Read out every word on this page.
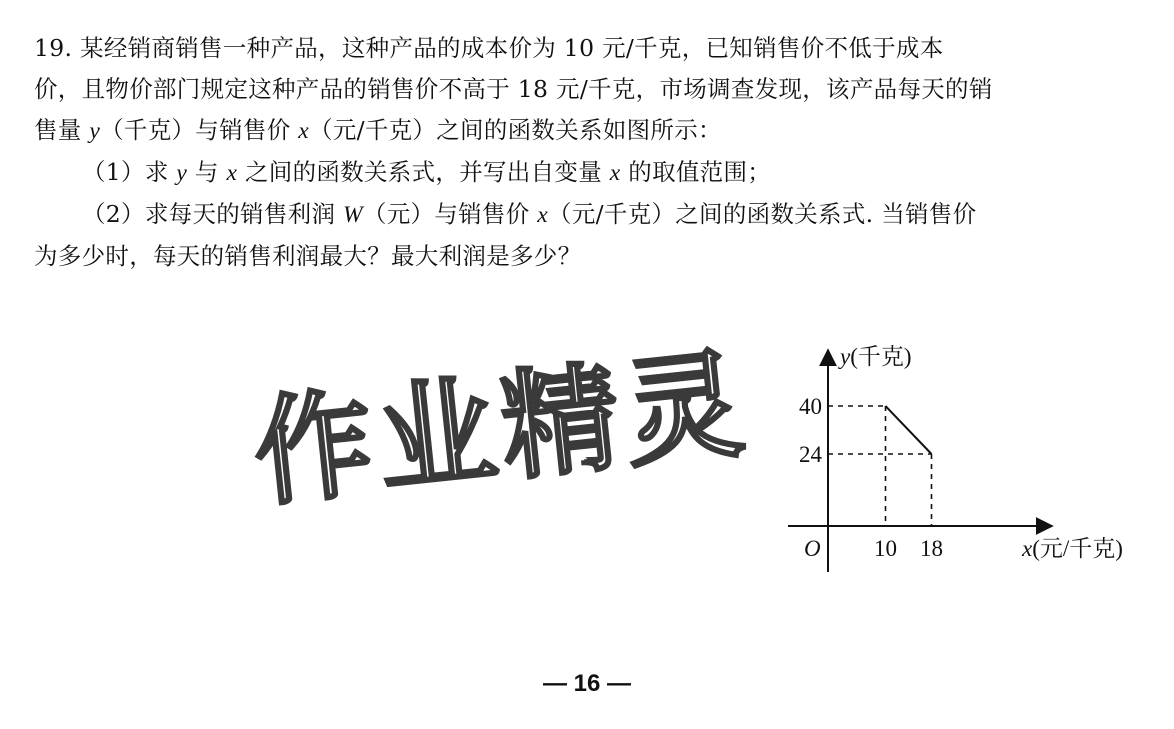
19. 某经销商销售一种产品，这种产品的成本价为 10 元/千克，已知销售价不低于成本
价，且物价部门规定这种产品的销售价不高于 18 元/千克，市场调查发现，该产品每天的销
售量 y（千克）与销售价 x（元/千克）之间的函数关系如图所示：
（1）求 y 与 x 之间的函数关系式，并写出自变量 x 的取值范围；
（2）求每天的销售利润 W（元）与销售价 x（元/千克）之间的函数关系式. 当销售价
为多少时，每天的销售利润最大？最大利润是多少？
作业精灵
10 18
40
24
O
y(千克)
x(元/千克)
— 16 —
